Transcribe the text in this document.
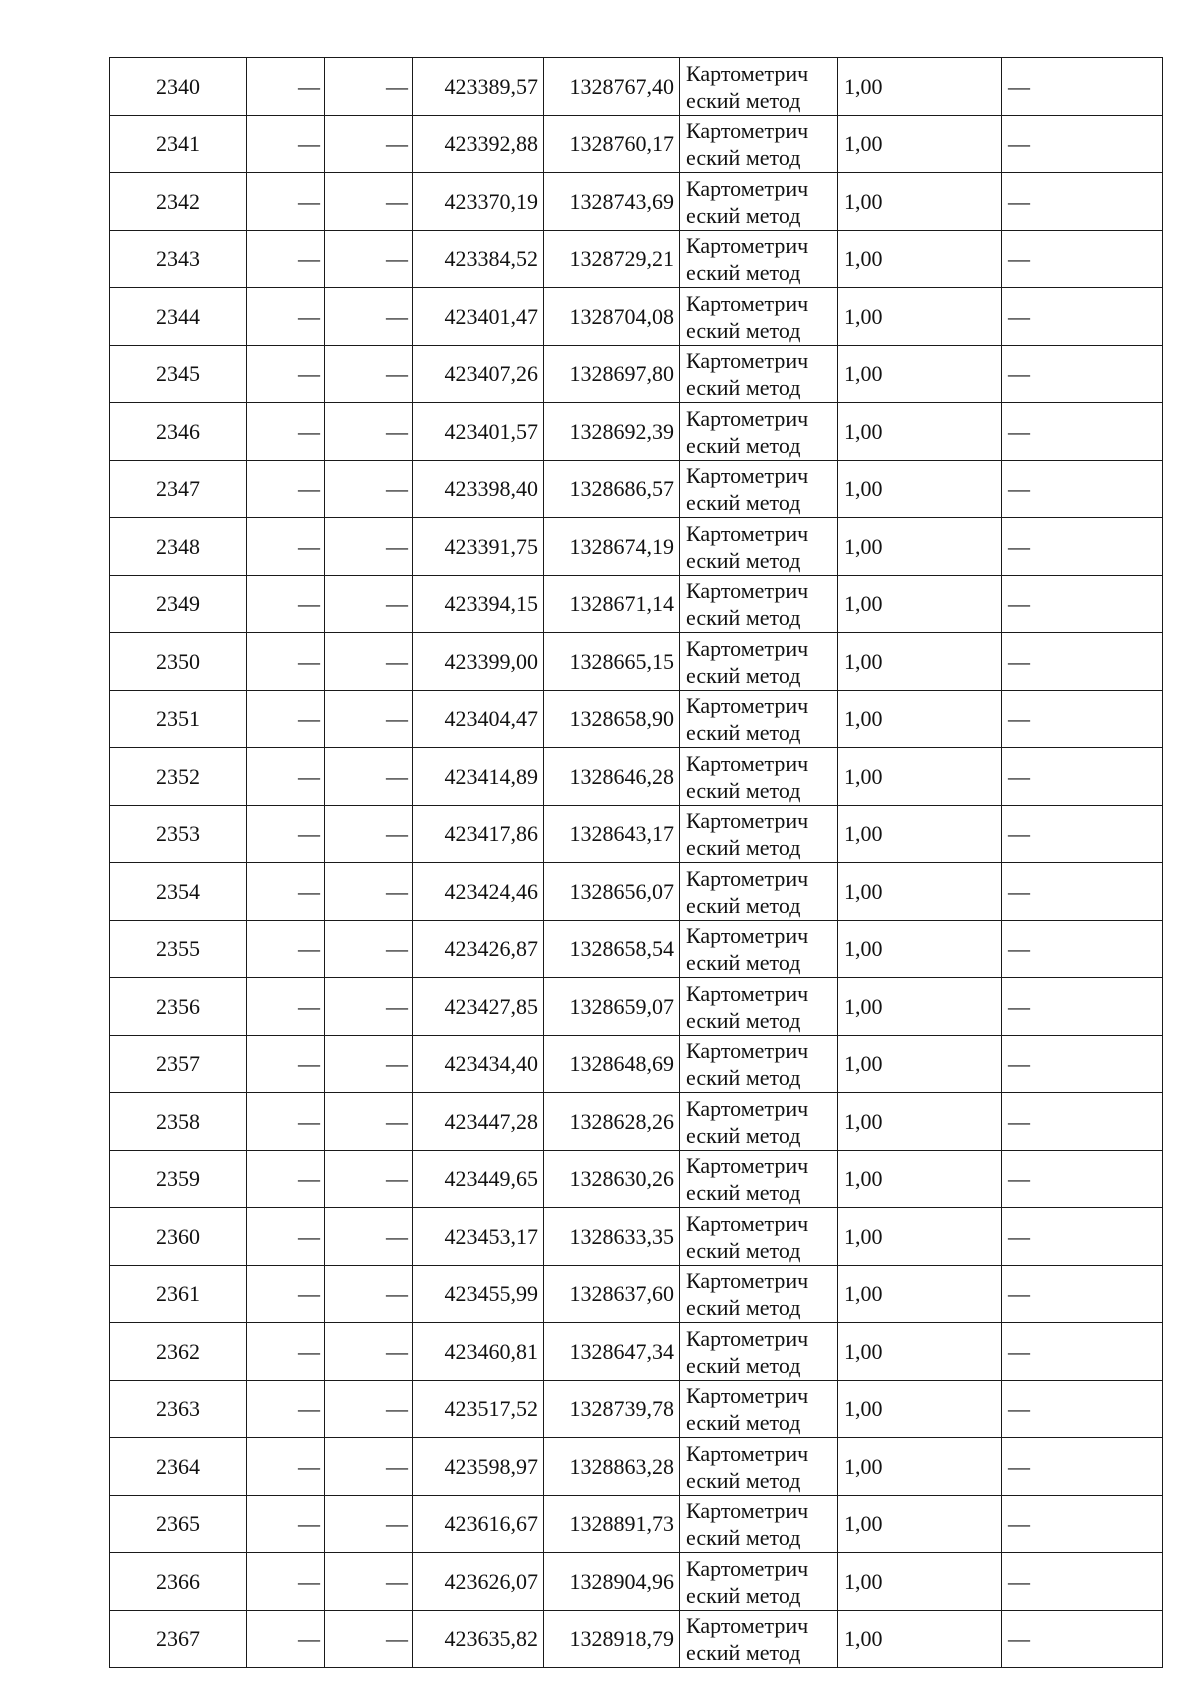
2340	—	—	423389,57	1328767,40	Картометрич
еский метод	1,00	—
2341	—	—	423392,88	1328760,17	Картометрич
еский метод	1,00	—
2342	—	—	423370,19	1328743,69	Картометрич
еский метод	1,00	—
2343	—	—	423384,52	1328729,21	Картометрич
еский метод	1,00	—
2344	—	—	423401,47	1328704,08	Картометрич
еский метод	1,00	—
2345	—	—	423407,26	1328697,80	Картометрич
еский метод	1,00	—
2346	—	—	423401,57	1328692,39	Картометрич
еский метод	1,00	—
2347	—	—	423398,40	1328686,57	Картометрич
еский метод	1,00	—
2348	—	—	423391,75	1328674,19	Картометрич
еский метод	1,00	—
2349	—	—	423394,15	1328671,14	Картометрич
еский метод	1,00	—
2350	—	—	423399,00	1328665,15	Картометрич
еский метод	1,00	—
2351	—	—	423404,47	1328658,90	Картометрич
еский метод	1,00	—
2352	—	—	423414,89	1328646,28	Картометрич
еский метод	1,00	—
2353	—	—	423417,86	1328643,17	Картометрич
еский метод	1,00	—
2354	—	—	423424,46	1328656,07	Картометрич
еский метод	1,00	—
2355	—	—	423426,87	1328658,54	Картометрич
еский метод	1,00	—
2356	—	—	423427,85	1328659,07	Картометрич
еский метод	1,00	—
2357	—	—	423434,40	1328648,69	Картометрич
еский метод	1,00	—
2358	—	—	423447,28	1328628,26	Картометрич
еский метод	1,00	—
2359	—	—	423449,65	1328630,26	Картометрич
еский метод	1,00	—
2360	—	—	423453,17	1328633,35	Картометрич
еский метод	1,00	—
2361	—	—	423455,99	1328637,60	Картометрич
еский метод	1,00	—
2362	—	—	423460,81	1328647,34	Картометрич
еский метод	1,00	—
2363	—	—	423517,52	1328739,78	Картометрич
еский метод	1,00	—
2364	—	—	423598,97	1328863,28	Картометрич
еский метод	1,00	—
2365	—	—	423616,67	1328891,73	Картометрич
еский метод	1,00	—
2366	—	—	423626,07	1328904,96	Картометрич
еский метод	1,00	—
2367	—	—	423635,82	1328918,79	Картометрич
еский метод	1,00	—
